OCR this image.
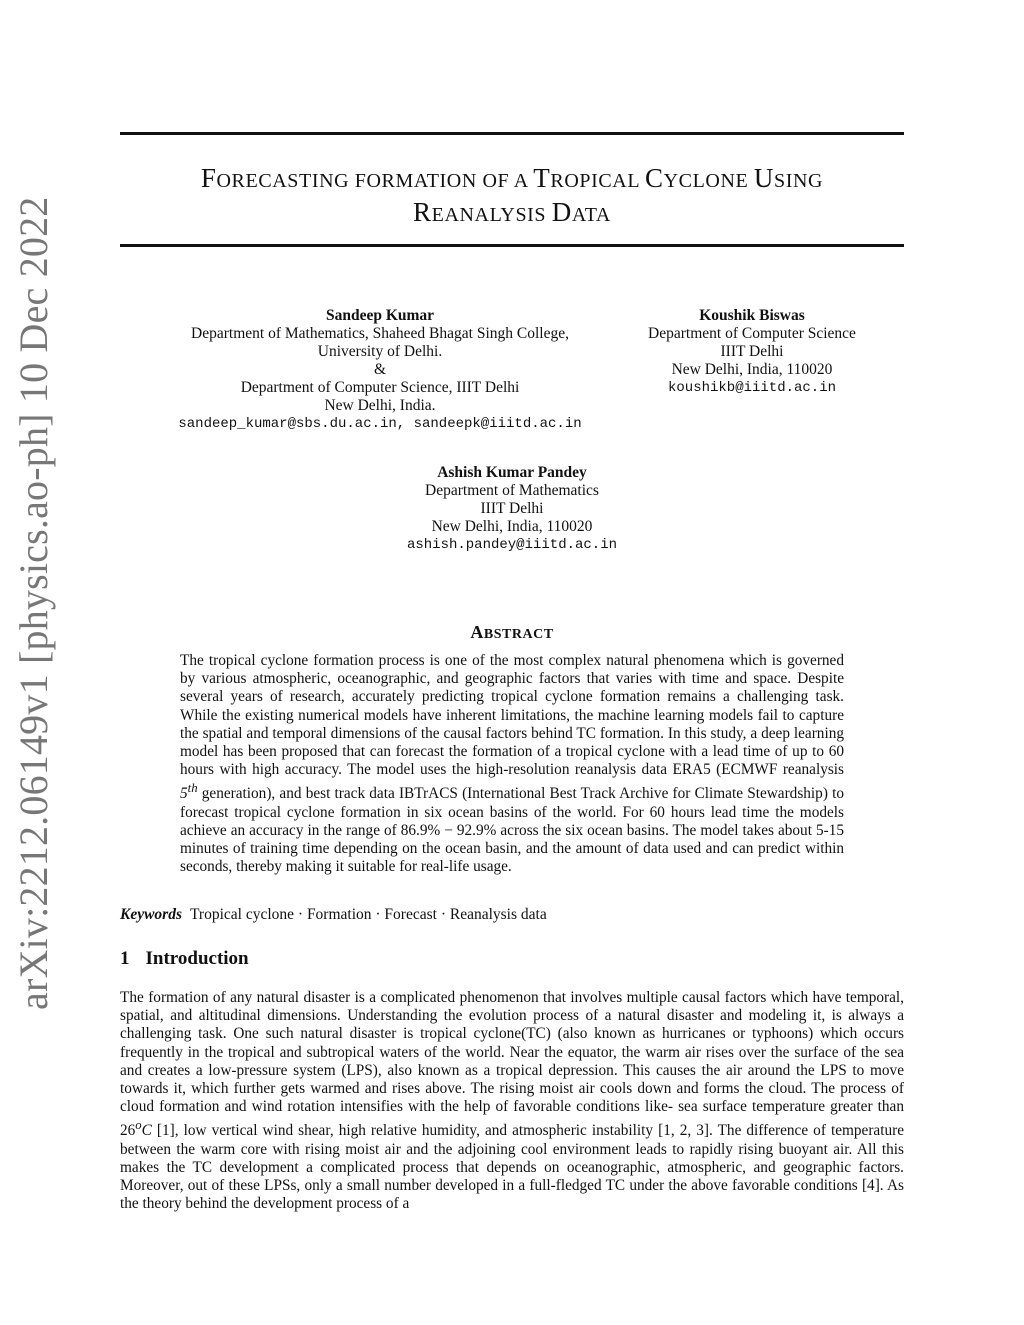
arXiv:2212.06149v1 [physics.ao-ph] 10 Dec 2022
FORECASTING FORMATION OF A TROPICAL CYCLONE USING
REANALYSIS DATA
Sandeep Kumar
Department of Mathematics, Shaheed Bhagat Singh College,
University of Delhi.
&
Department of Computer Science, IIIT Delhi
New Delhi, India.
sandeep_kumar@sbs.du.ac.in, sandeepk@iiitd.ac.in
Koushik Biswas
Department of Computer Science
IIIT Delhi
New Delhi, India, 110020
koushikb@iiitd.ac.in
Ashish Kumar Pandey
Department of Mathematics
IIIT Delhi
New Delhi, India, 110020
ashish.pandey@iiitd.ac.in
ABSTRACT

The tropical cyclone formation process is one of the most complex natural phenomena which is governed by various atmospheric, oceanographic, and geographic factors that varies with time and space. Despite several years of research, accurately predicting tropical cyclone formation remains a challenging task. While the existing numerical models have inherent limitations, the machine learning models fail to capture the spatial and temporal dimensions of the causal factors behind TC formation. In this study, a deep learning model has been proposed that can forecast the formation of a tropical cyclone with a lead time of up to 60 hours with high accuracy. The model uses the high-resolution reanalysis data ERA5 (ECMWF reanalysis 5th generation), and best track data IBTrACS (International Best Track Archive for Climate Stewardship) to forecast tropical cyclone formation in six ocean basins of the world. For 60 hours lead time the models achieve an accuracy in the range of 86.9% − 92.9% across the six ocean basins. The model takes about 5-15 minutes of training time depending on the ocean basin, and the amount of data used and can predict within seconds, thereby making it suitable for real-life usage.

Keywords Tropical cyclone · Formation · Forecast · Reanalysis data
1 Introduction

The formation of any natural disaster is a complicated phenomenon that involves multiple causal factors which have temporal, spatial, and altitudinal dimensions. Understanding the evolution process of a natural disaster and modeling it, is always a challenging task. One such natural disaster is tropical cyclone(TC) (also known as hurricanes or typhoons) which occurs frequently in the tropical and subtropical waters of the world. Near the equator, the warm air rises over the surface of the sea and creates a low-pressure system (LPS), also known as a tropical depression. This causes the air around the LPS to move towards it, which further gets warmed and rises above. The rising moist air cools down and forms the cloud. The process of cloud formation and wind rotation intensifies with the help of favorable conditions like- sea surface temperature greater than 26$^o$C [1], low vertical wind shear, high relative humidity, and atmospheric instability [1, 2, 3]. The difference of temperature between the warm core with rising moist air and the adjoining cool environment leads to rapidly rising buoyant air. All this makes the TC development a complicated process that depends on oceanographic, atmospheric, and geographic factors. Moreover, out of these LPSs, only a small number developed in a full-fledged TC under the above favorable conditions [4]. As the theory behind the development process of a
